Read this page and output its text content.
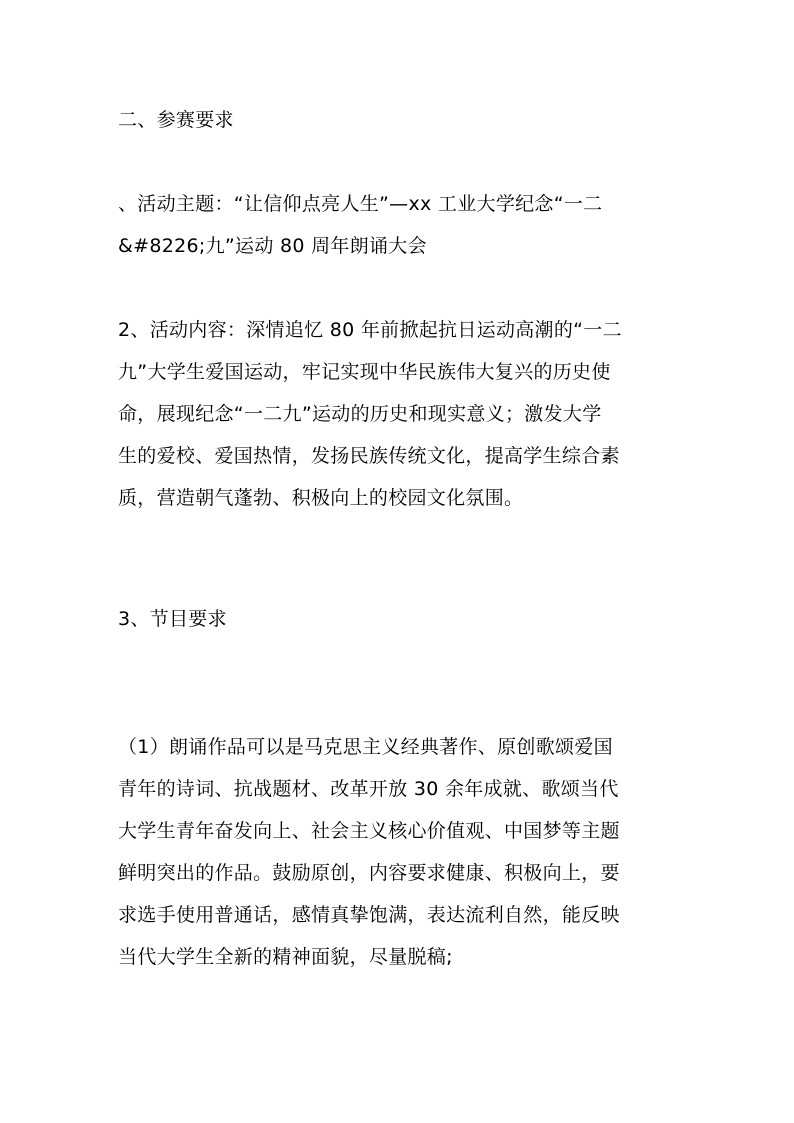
二、参赛要求
、活动主题：“让信仰点亮人生”—xx 工业大学纪念“一二
&#8226;九”运动 80 周年朗诵大会
2、活动内容：深情追忆 80 年前掀起抗日运动高潮的“一二
九”大学生爱国运动，牢记实现中华民族伟大复兴的历史使
命，展现纪念“一二九”运动的历史和现实意义；激发大学
生的爱校、爱国热情，发扬民族传统文化，提高学生综合素
质，营造朝气蓬勃、积极向上的校园文化氛围。
3、节目要求
（1）朗诵作品可以是马克思主义经典著作、原创歌颂爱国
青年的诗词、抗战题材、改革开放 30 余年成就、歌颂当代
大学生青年奋发向上、社会主义核心价值观、中国梦等主题
鲜明突出的作品。鼓励原创，内容要求健康、积极向上，要
求选手使用普通话，感情真挚饱满，表达流利自然，能反映
当代大学生全新的精神面貌，尽量脱稿;
